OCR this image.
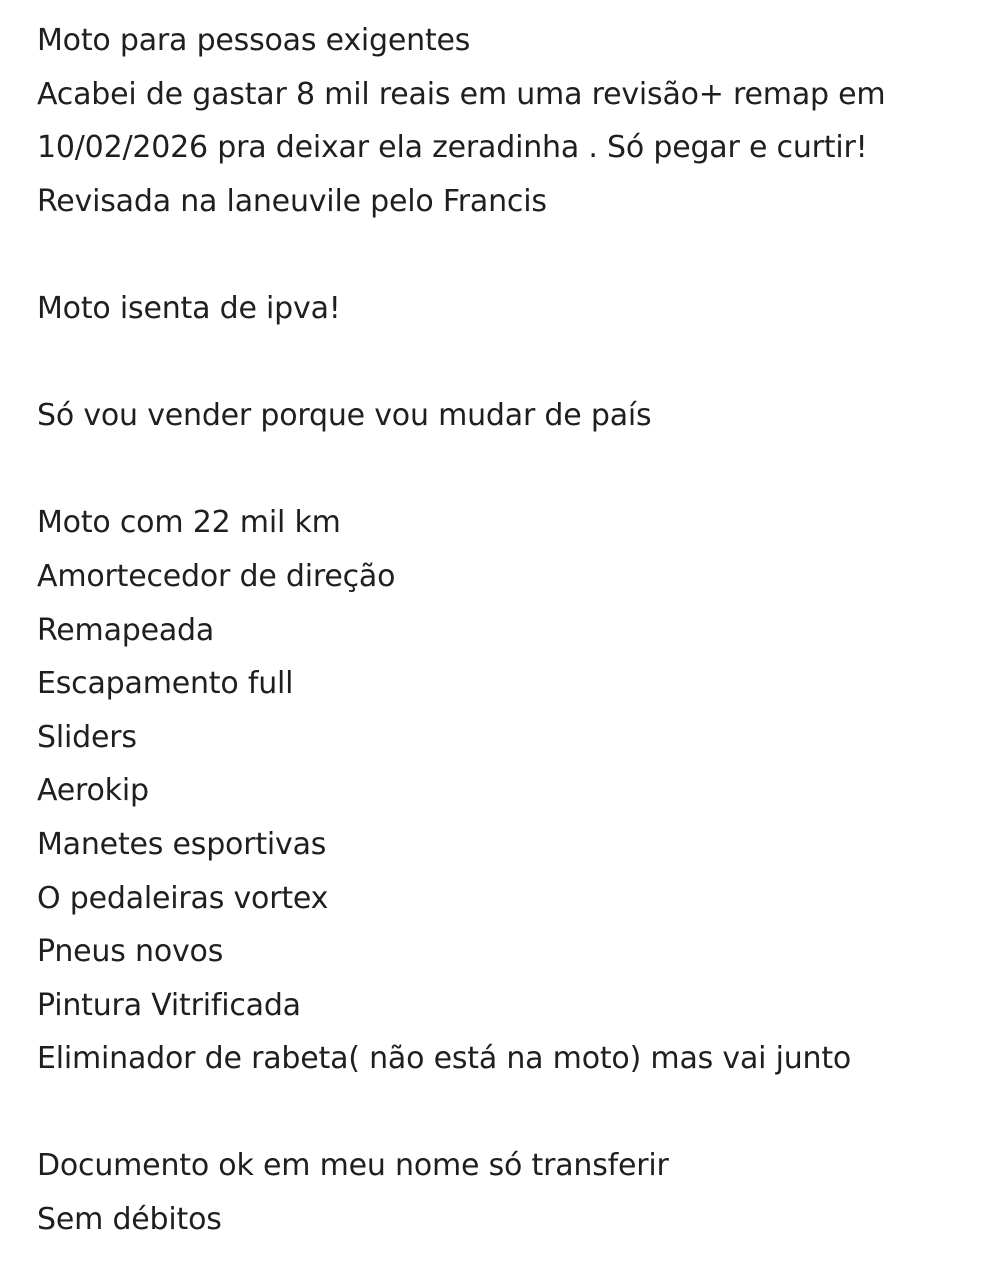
Moto para pessoas exigentes
Acabei de gastar 8 mil reais em uma revisão+ remap em
10/02/2026 pra deixar ela zeradinha . Só pegar e curtir!
Revisada na laneuvile pelo Francis
Moto isenta de ipva!
Só vou vender porque vou mudar de país
Moto com 22 mil km
Amortecedor de direção
Remapeada
Escapamento full
Sliders
Aerokip
Manetes esportivas
O pedaleiras vortex
Pneus novos
Pintura Vitrificada
Eliminador de rabeta( não está na moto) mas vai junto
Documento ok em meu nome só transferir
Sem débitos
